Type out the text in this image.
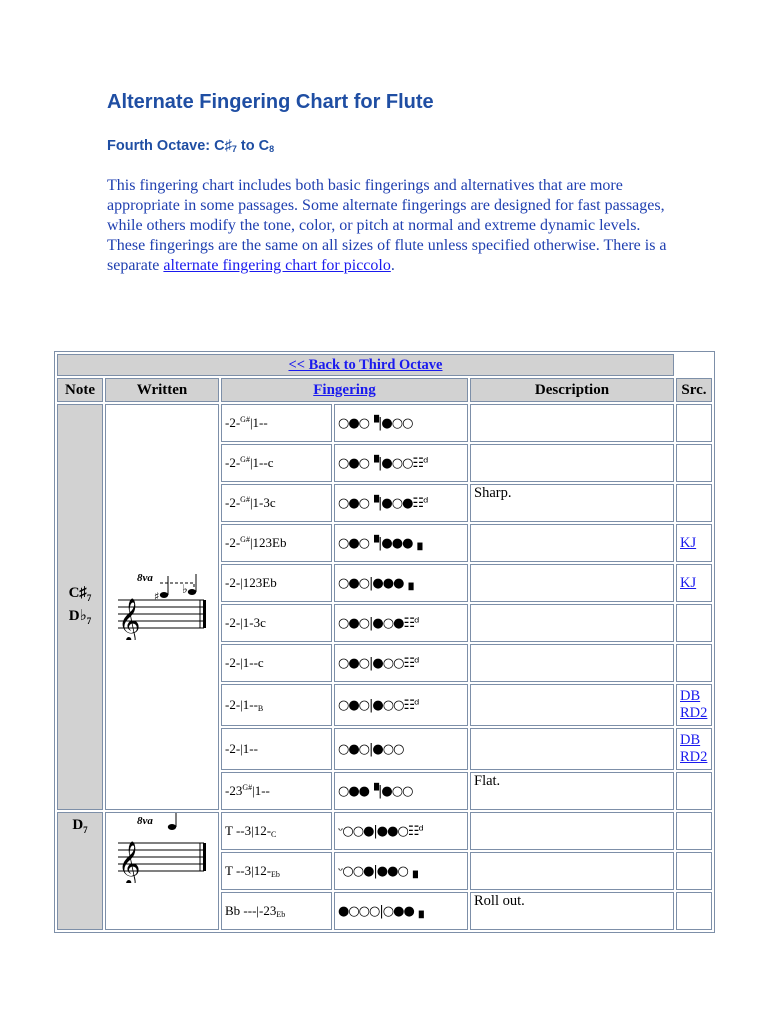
Alternate Fingering Chart for Flute
Fourth Octave: $C♯_7$ to $C_8$

This fingering chart includes both basic fingerings and alternatives that are more appropriate in some passages. Some alternate fingerings are designed for fast passages, while others modify the tone, color, or pitch at normal and extreme dynamic levels. These fingerings are the same on all sizes of flute unless specified otherwise. There is a separate alternate fingering chart for piccolo.

<< Back to Third Octave					
Note	Written	Fingering		Description	Src.

$C♯_7$
$D♭_7$	8va
𝄞
♯
♭	-2-$^{G\#}$|1--	○●○▝|●○○		
		-2-$^{G\#}$|1--c	○●○▝|●○○☷ᵈ		
		-2-$^{G\#}$|1-3c	○●○▝|●○●☷ᵈ	Sharp.	
		-2-$^{G\#}$|123Eb	○●○▝|●●●▗		KJ

		-2-|123Eb	○●○|●●●▗		KJ

		-2-|1-3c	○●○|●○●☷ᵈ		
		-2-|1--c	○●○|●○○☷ᵈ		
		-2-|1--B	○●○|●○○☷ᵈ		DB
RD2

		-2-|1--	○●○|●○○		DB
RD2

		$-23^{G\#}|1--$	○●●▝|●○○	Flat.	
$D_7$	8va
𝄞	T --3|12-C	ᵕ○○●|●●○☷ᵈ		
		T --3|12-Eb	ᵕ○○●|●●○▗		
		Bb ---|-23Eb	●○○○|○●●▗	Roll out.	
